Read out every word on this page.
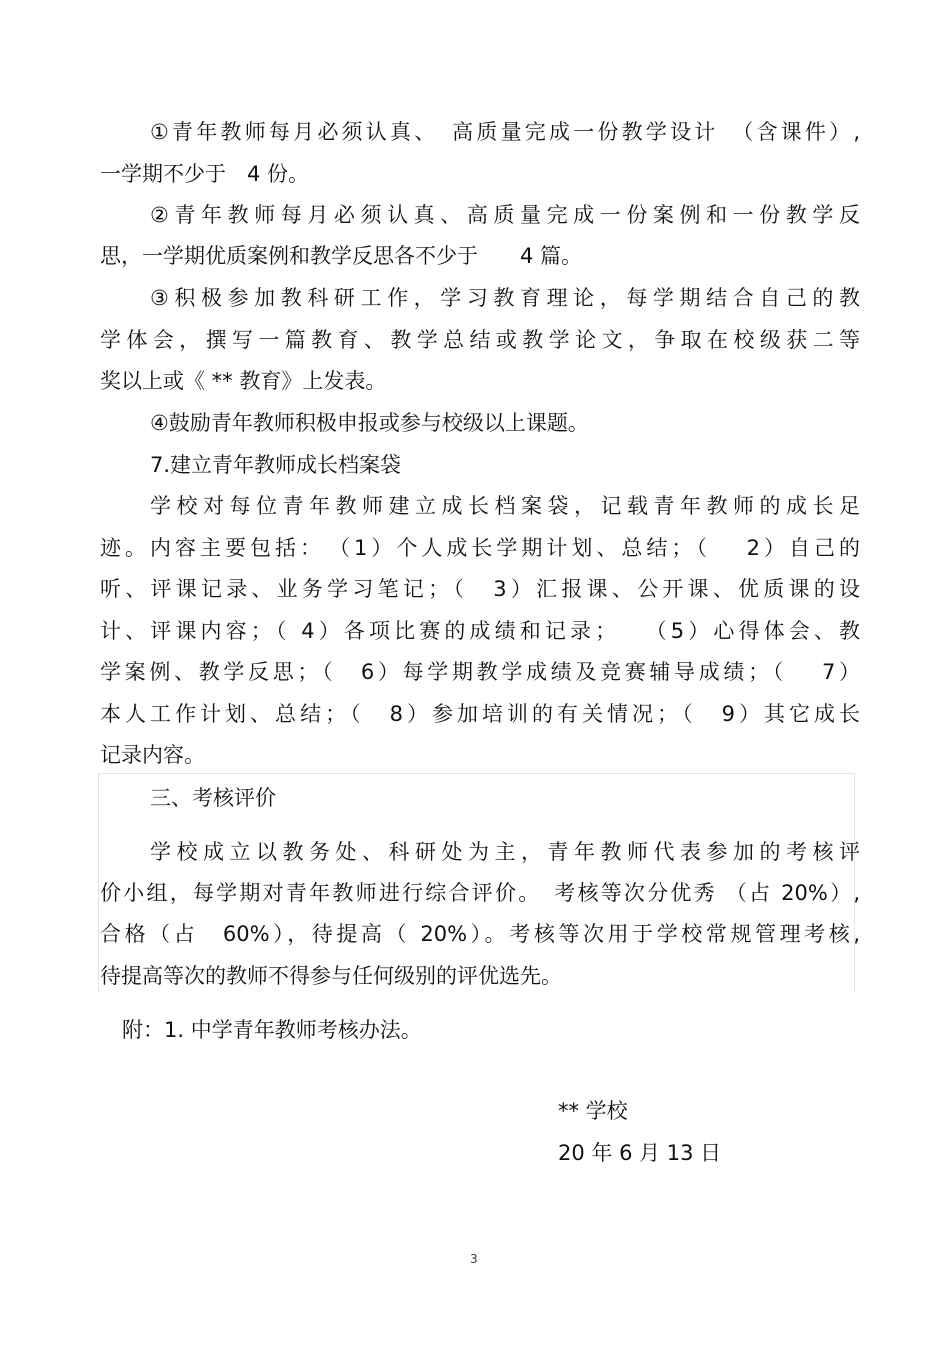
①青年教师每月必须认真、　高质量完成一份教学设计　（含课件）,
一学期不少于　4 份。
②青年教师每月必须认真、高质量完成一份案例和一份教学反
思，一学期优质案例和教学反思各不少于　　4 篇。
③积极参加教科研工作，学习教育理论，每学期结合自己的教
学体会，撰写一篇教育、教学总结或教学论文，争取在校级获二等
奖以上或《 ** 教育》上发表。
④鼓励青年教师积极申报或参与校级以上课题。
7.建立青年教师成长档案袋
学校对每位青年教师建立成长档案袋，记载青年教师的成长足
迹。内容主要包括：　（1）个人成长学期计划、总结；（　 2）自己的
听、评课记录、业务学习笔记；（　3）汇报课、公开课、优质课的设
计、评课内容；（ 4）各项比赛的成绩和记录；　 （5）心得体会、教
学案例、教学反思；（　6）每学期教学成绩及竞赛辅导成绩；（　 7）
本人工作计划、总结；（　8）参加培训的有关情况；（　9）其它成长
记录内容。
三、考核评价
学校成立以教务处、科研处为主，青年教师代表参加的考核评
价小组，每学期对青年教师进行综合评价。　考核等次分优秀 （占 20%）,
合格（占　60%），待提高（ 20%）。考核等次用于学校常规管理考核,
待提高等次的教师不得参与任何级别的评优选先。
附：1. 中学青年教师考核办法。
** 学校
20 年 6 月 13 日
3
